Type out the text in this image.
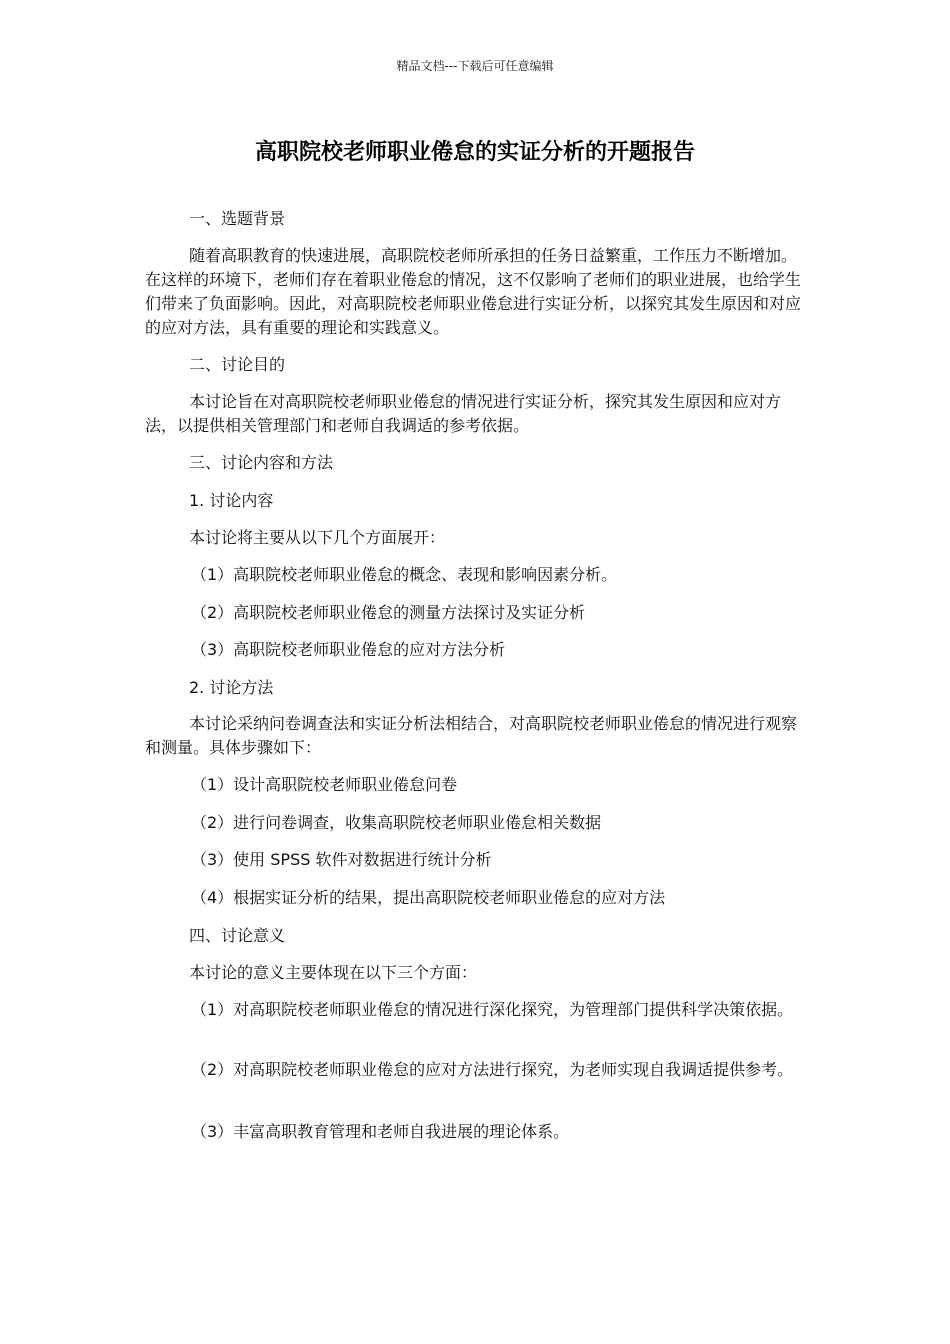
精品文档---下载后可任意编辑
高职院校老师职业倦怠的实证分析的开题报告

一、选题背景

随着高职教育的快速进展，高职院校老师所承担的任务日益繁重，工作压力不断增加。在这样的环境下，老师们存在着职业倦怠的情况，这不仅影响了老师们的职业进展，也给学生们带来了负面影响。因此，对高职院校老师职业倦怠进行实证分析，以探究其发生原因和对应的应对方法，具有重要的理论和实践意义。

二、讨论目的

本讨论旨在对高职院校老师职业倦怠的情况进行实证分析，探究其发生原因和应对方法，以提供相关管理部门和老师自我调适的参考依据。

三、讨论内容和方法

1. 讨论内容

本讨论将主要从以下几个方面展开：

（1）高职院校老师职业倦怠的概念、表现和影响因素分析。

（2）高职院校老师职业倦怠的测量方法探讨及实证分析

（3）高职院校老师职业倦怠的应对方法分析

2. 讨论方法

本讨论采纳问卷调查法和实证分析法相结合，对高职院校老师职业倦怠的情况进行观察和测量。具体步骤如下：

（1）设计高职院校老师职业倦怠问卷

（2）进行问卷调查，收集高职院校老师职业倦怠相关数据

（3）使用 SPSS 软件对数据进行统计分析

（4）根据实证分析的结果，提出高职院校老师职业倦怠的应对方法

四、讨论意义

本讨论的意义主要体现在以下三个方面：

（1）对高职院校老师职业倦怠的情况进行深化探究，为管理部门提供科学决策依据。

（2）对高职院校老师职业倦怠的应对方法进行探究，为老师实现自我调适提供参考。

（3）丰富高职教育管理和老师自我进展的理论体系。
